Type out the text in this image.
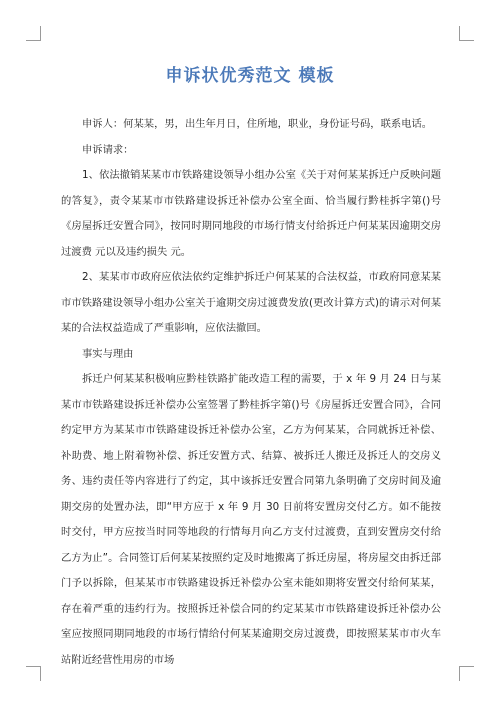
申诉状优秀范文 模板

申诉人：何某某，男，出生年月日，住所地，职业，身份证号码，联系电话。

申诉请求：

1、依法撤销某某市市铁路建设领导小组办公室《关于对何某某拆迁户反映问题的答复》，责令某某市市铁路建设拆迁补偿办公室全面、恰当履行黔桂拆字第()号《房屋拆迁安置合同》，按同时期同地段的市场行情支付给拆迁户何某某因逾期交房过渡费 元以及违约损失 元。

2、某某市市政府应依法依约定维护拆迁户何某某的合法权益，市政府同意某某市市铁路建设领导小组办公室关于逾期交房过渡费发放(更改计算方式)的请示对何某某的合法权益造成了严重影响，应依法撤回。

事实与理由

拆迁户何某某积极响应黔桂铁路扩能改造工程的需要，于 x 年 9 月 24 日与某某市市铁路建设拆迁补偿办公室签署了黔桂拆字第()号《房屋拆迁安置合同》，合同约定甲方为某某市市铁路建设拆迁补偿办公室，乙方为何某某，合同就拆迁补偿、补助费、地上附着物补偿、拆迁安置方式、结算、被拆迁人搬迁及拆迁人的交房义务、违约责任等内容进行了约定，其中该拆迁安置合同第九条明确了交房时间及逾期交房的处置办法，即“甲方应于 x 年 9 月 30 日前将安置房交付乙方。如不能按时交付，甲方应按当时同等地段的行情每月向乙方支付过渡费，直到安置房交付给乙方为止”。合同签订后何某某按照约定及时地搬离了拆迁房屋，将房屋交由拆迁部门予以拆除，但某某市市铁路建设拆迁补偿办公室未能如期将安置交付给何某某，存在着严重的违约行为。按照拆迁补偿合同的约定某某市市铁路建设拆迁补偿办公室应按照同期同地段的市场行情给付何某某逾期交房过渡费，即按照某某市市火车站附近经营性用房的市场
